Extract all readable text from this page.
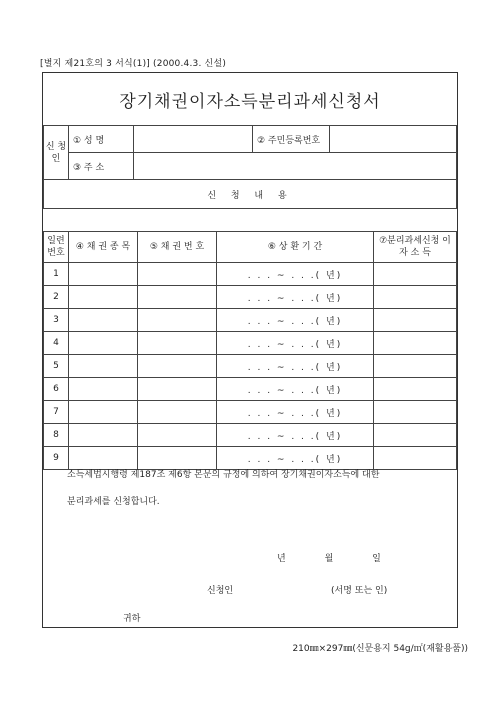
[별지 제21호의 3 서식(1)] (2000.4.3. 신설)
장기채권이자소득분리과세신청서
신 청 인	① 성 명		② 주민등록번호	
	③ 주 소			
신 청 내 용				
일련 번호	④ 채 권 종 목	⑤ 채 권 번 호	⑥ 상 환 기 간	⑦분리과세신청 이 자 소 득
1			. . . ~ . . .( 년)	
2			. . . ~ . . .( 년)	
3			. . . ~ . . .( 년)	
4			. . . ~ . . .( 년)	
5			. . . ~ . . .( 년)	
6			. . . ~ . . .( 년)	
7			. . . ~ . . .( 년)	
8			. . . ~ . . .( 년)	
9			. . . ~ . . .( 년)	
소득세법시행령 제187조 제6항 본문의 규정에 의하여 장기채권이자소득에 대한
분리과세를 신청합니다.
년	월	일
신청인	(서명 또는 인)
귀하
210㎜×297㎜(신문용지 54g/㎡(재활용품))
